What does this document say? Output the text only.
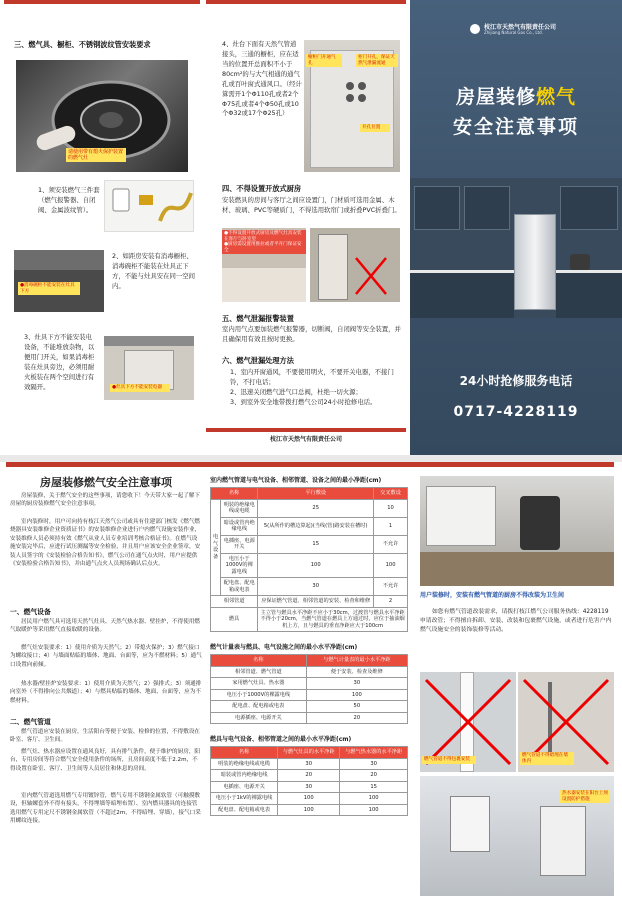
三、燃气具、橱柜、不锈钢波纹管安装要求
请使用带有熄火保护装置的燃气灶
1、须安装燃气三件套（燃气报警器、自闭阀、金属波纹管）。
●消毒碗柜不能安装在灶具下方
2、如距房安装有消毒橱柜、消毒碗柜不能装在灶具正下方，不能与灶具安在同一空间内。
3、灶具下方不能安装电设备，不能堆放杂物，以便用门开关，如果消毒柜装在灶具旁边，必须用耐火板装在两个空间进行有效隔开。	●灶具下方不能安装电器
4、灶台下面有天然气管道接头，三通的橱柜，应在适当的位置开总面积不小于80cm²的与大气相通的通气孔或百叶窗式通风口。（经计算需开1个Φ110孔或者2个Φ75孔或者4个Φ50孔或10个Φ32或17个Φ25孔）
橱柜门开通气孔
柜门开孔，保证天然气泄漏流通
开孔位置
四、不得设置开放式厨房
安装燃具的房间与客厅之间应设置门，门材质可选用金属、木材、玻璃、PVC等硬质门，不得选用软帘门或折叠PVC折叠门。
●不得设置开放式厨房及燃气灶具安装在客厅与卧室里
●厨房需设置用推拉或者平开门保证安全
五、燃气泄漏报警装置
室内用气点要加装燃气报警器，切断阀，自闭阀等安全装置，并且确保用有效且按时更换。
六、燃气泄漏处理方法
1、室内开窗通风，不要使用明火，不要开关电器，不接门铃，不打电话；
2、迅速关闭燃气进气口总阀，杜绝一切火源；
3、到室外安全地带拨打燃气公司24小时抢修电话。
枝江市天然气有限责任公司
枝江市天然气有限责任公司
Zhijiang Natural Gas Co., Ltd.
房屋装修燃气
安全注意事项
24小时抢修服务电话
0717-4228119
房屋装修燃气安全注意事项
房屋装修，关于燃气安全的这些事项，请您收下！今天带大家一起了解下房屋的厨房装修燃气安全注意事项。
室内装修时，用户可向持有枝江天然气公司或具有住建部门核发《燃气燃烧器具安装维修企业资质证书》的安装维修企业进行户内燃气设施安装作业，安装维修人员必须持有效《燃气从业人员专业培训考核合格证书》。在燃气设施安装完毕后，应进行试压测漏等安全检验，并且用户应该安全企业签章，安装人员签字的《安装检验合格告知书》，燃气公司在通气点火时，用户应提供《安装检验合格告知书》，并由通气点火人员现场确认后点火。
一、燃气设备
居民用户燃气具可选用天然气灶具、天然气热水器、壁挂炉，不得使用燃气取暖炉等采用燃气直接取暖的设备。
燃气灶安装要求：1）使用介质为天然气；2）带熄火保护；3）燃气接口为螺纹接口；4）与墙面贴临的墙体、地面、台面等，应为不燃材料；5）通气口设置向前倾。
热水器/壁挂炉安装要求：1）使用介质为天然气；2）强排式；3）须通排向室外（不得排向公共烟道）；4）与燃具贴临的墙体、地面、台面等，应为不燃材料。
二、燃气管道
燃气管道应安装在厨房，生活阳台等便于安装、检修的位置，不得敷设在卧室、客厅、卫生间。
燃气灶、热水器应设置在通风良好，具有排气条件，便于维护的厨房，阳台，专用房间等符合燃气安全使用条件的场所，且房间高度不低于2.2m，不得设置在卧室、客厅、卫生间等人员居住和休息的房间。
室内燃气管道选用燃气专用镀锌管，燃气专用不锈钢金属软管（可触摸敷设，但轴螺套外不得有接头，不得埋墙等暗埋布置）、室内燃具器具的连接管选用燃气专用定尺不锈钢金属软管（不超过2m，不得暗埋、穿墙），接气口采用螺纹连接。
室内燃气管道与电气设备、相邻管道、设备之间的最小净距(cm)
名称		平行敷设	交叉敷设
电气设备	明装的绝缘电线或电缆	25	10
	暗设或管内绝缘电线	5(从所作的槽边算起)(当线(管)路安装在槽时)	1
	电插座、电源开关	15	不允许
	电压小于1000V的裸露电线	100	100
	配电盘、配电箱或电表	30	不允许
相邻管道		应保证燃气管道、相邻管道的安装、检查和维修	2
燃具		主立管与燃具水平净距不应小于30cm，过渡管与燃具水平净距不得小于20cm，当燃气管道在燃具上方通过时，应位于抽油烟机上方，且与燃具的垂直净距应大于100cm	
燃气计量表与燃具、电气设施之间的最小水平净距(cm)
名称	与燃气计量表的最小水平净距
相邻管道、燃气管道	便于安装、检查及维修
家用燃气灶具、热水器	30
电压小于1000V的裸露电线	100
配电盘、配电箱或电表	50
电源插座、电源开关	20
燃具与电气设备、相邻管道之间的最小水平净距(cm)
名称	与燃气灶具的水平净距	与燃气热水器的水平净距
明装的绝缘电线或电缆	30	30
暗装或管内绝缘电线	20	20
电插座、电源开关	30	15
电压小于1kV的裸露电线	100	100
配电盘、配电箱或电表	100	100
用户装修时，安装有燃气管道的厨房不得改装为卫生间
如您有燃气管道改装需求，请拨打枝江燃气公司服务热线：4228119申请改管；不得擅自拆卸、安装、改装和包裹燃气设施，或者进行危害户内燃气设施安全的装饰装修等活动。
燃气管道不得包裹安装
燃气管道不得暗埋在墙体内
热水器安装在阳台上须设置防护措施
